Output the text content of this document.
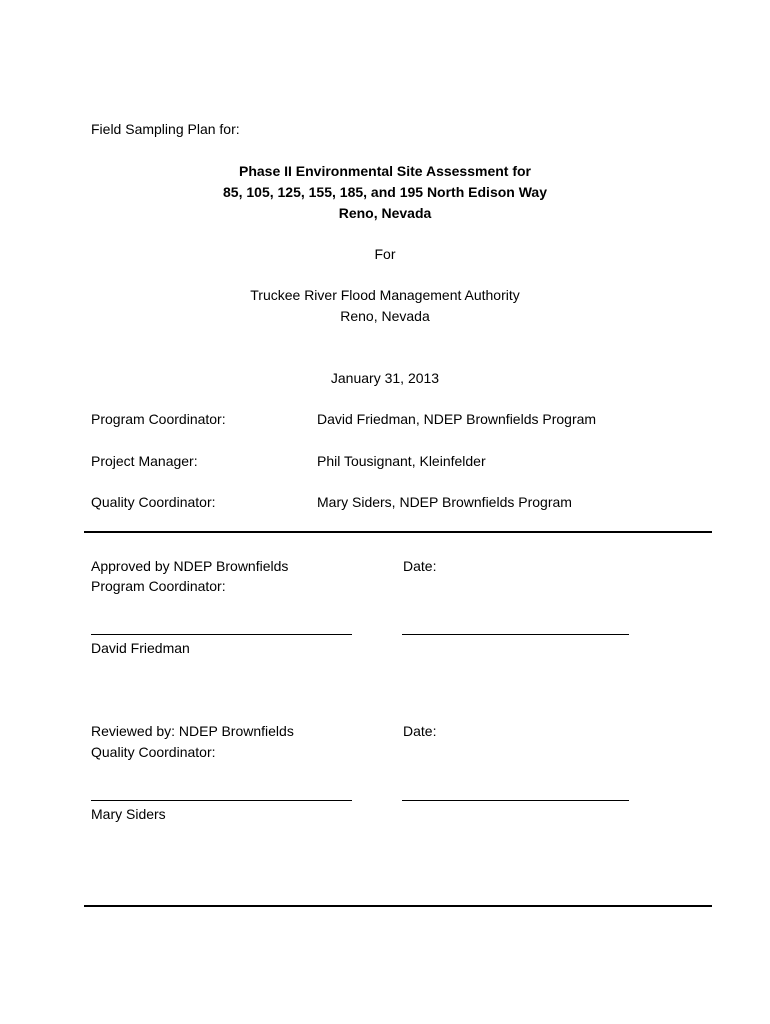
Field Sampling Plan for:
Phase II Environmental Site Assessment for
85, 105, 125, 155, 185, and 195 North Edison Way
Reno, Nevada
For
Truckee River Flood Management Authority
Reno, Nevada
January 31, 2013
Program Coordinator:	David Friedman, NDEP Brownfields Program
Project Manager:	Phil Tousignant, Kleinfelder
Quality Coordinator:	Mary Siders, NDEP Brownfields Program
Approved by NDEP Brownfields
Program Coordinator:
Date:
David Friedman
Reviewed by: NDEP Brownfields
Quality Coordinator:
Date:
Mary Siders
